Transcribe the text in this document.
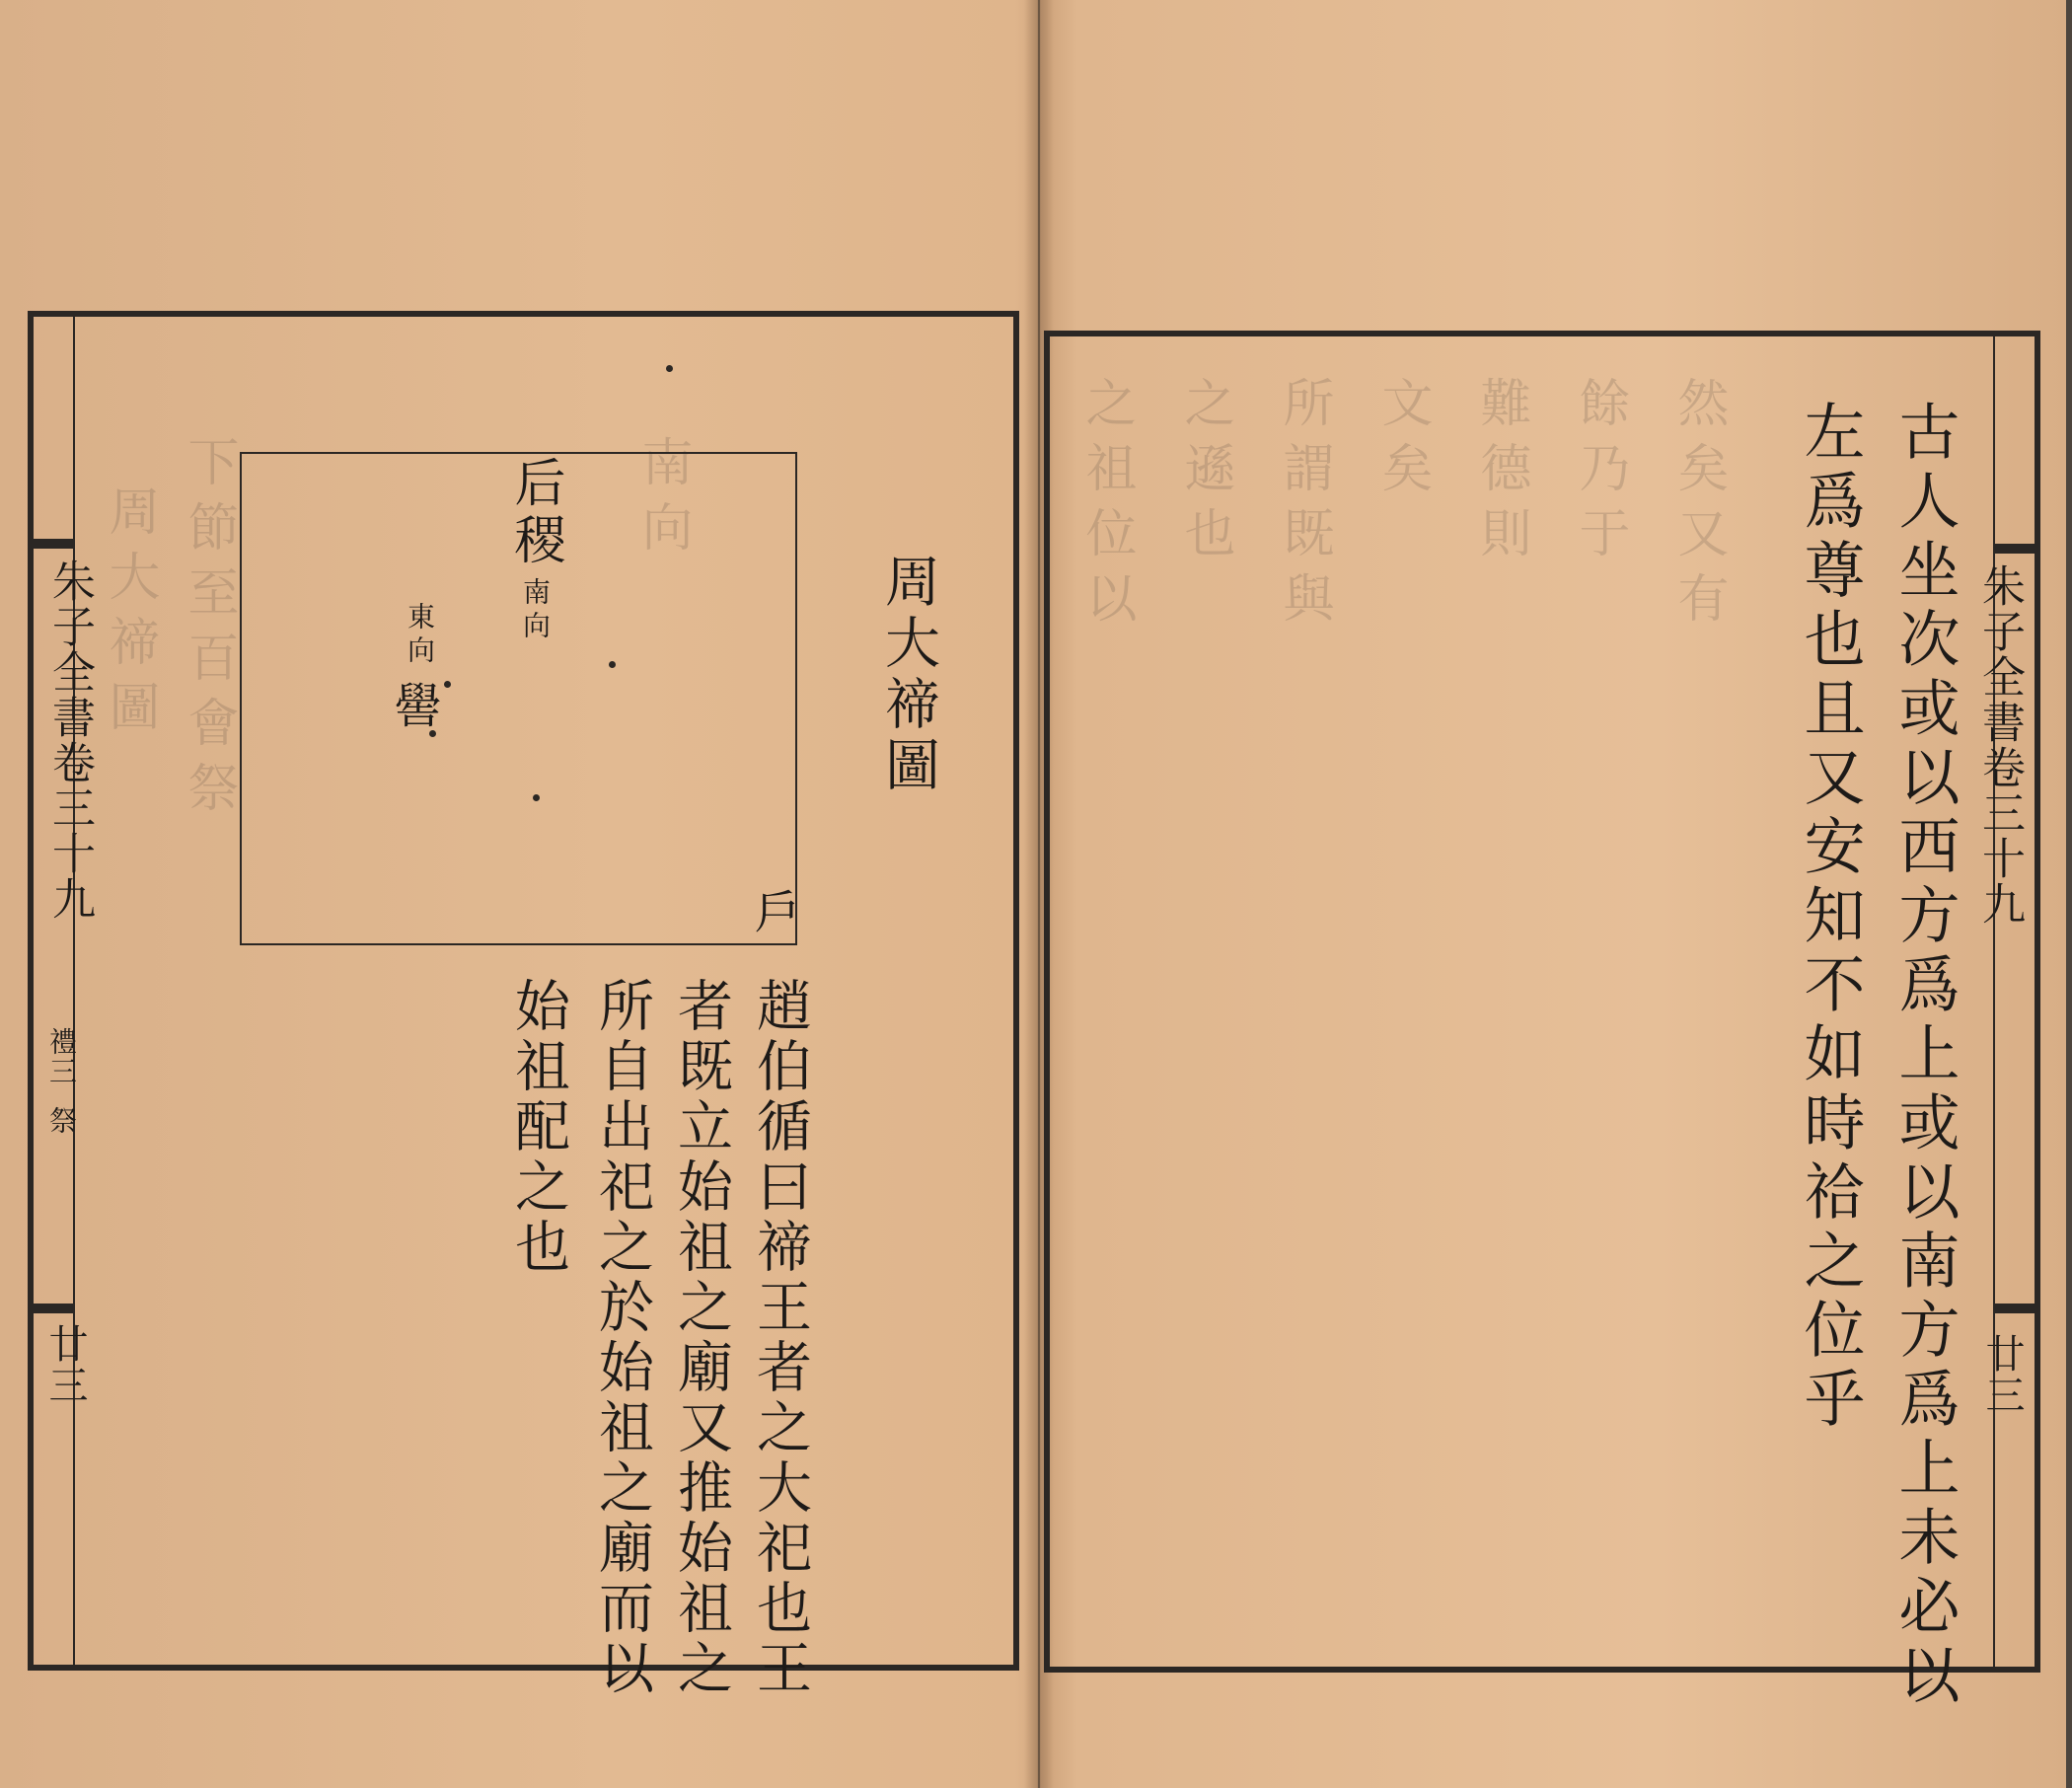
朱子全書卷三十九
禮三
祭
廿三
周大禘圖 下節至百會祭	南向
周大禘圖
后稷
南向
嚳
東向
戶
趙伯循曰禘王者之大祀也王
者既立始祖之廟又推始祖之
所自出祀之於始祖之廟而以
始祖配之也
朱子全書卷三十九
廿三
之祖位以 之遜也 所謂既與 文矣 難德則 餘乃于 然矣又有	古人坐次或以西方爲上或以南方爲上未必以
左爲尊也且又安知不如時祫之位乎
